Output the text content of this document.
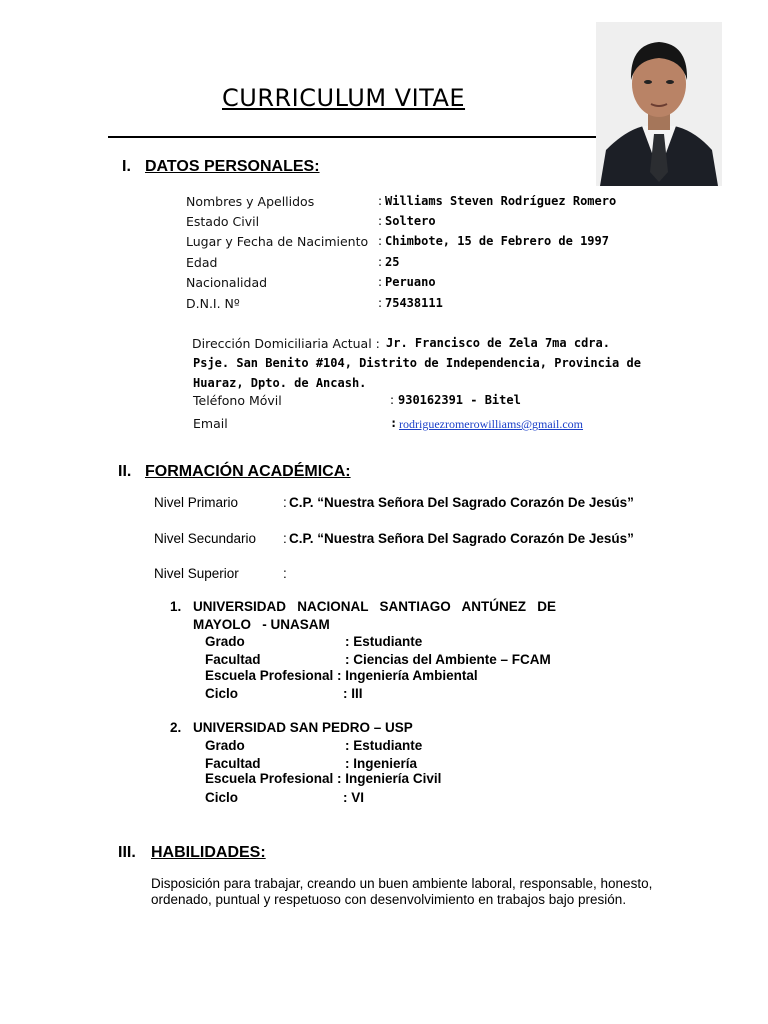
CURRICULUM VITAE
I. DATOS PERSONALES:
Nombres y Apellidos	: Williams Steven Rodríguez Romero
Estado Civil	: Soltero
Lugar y Fecha de Nacimiento : Chimbote, 15 de Febrero de 1997
Edad	: 25
Nacionalidad	: Peruano
D.N.I. Nº	: 75438111
Dirección Domiciliaria Actual : Jr. Francisco de Zela 7ma cdra.
Psje. San Benito #104, Distrito de Independencia, Provincia de
Huaraz, Dpto. de Ancash.
Teléfono Móvil	: 930162391 - Bitel
Email	: rodriguezromerowilliams@gmail.com
II. FORMACIÓN ACADÉMICA:
Nivel Primario	: C.P. “Nuestra Señora Del Sagrado Corazón De Jesús”
Nivel Secundario : C.P. “Nuestra Señora Del Sagrado Corazón De Jesús”
Nivel Superior	:
1. UNIVERSIDAD   NACIONAL   SANTIAGO   ANTÚNEZ   DE
MAYOLO   - UNASAM
Grado	: Estudiante
Facultad	: Ciencias del Ambiente – FCAM
Escuela Profesional : Ingeniería Ambiental
Ciclo	: III
2. UNIVERSIDAD SAN PEDRO – USP
Grado	: Estudiante
Facultad	: Ingeniería
Escuela Profesional : Ingeniería Civil
Ciclo	: VI
III. HABILIDADES:
Disposición para trabajar, creando un buen ambiente laboral, responsable, honesto, ordenado, puntual y respetuoso con desenvolvimiento en trabajos bajo presión.
